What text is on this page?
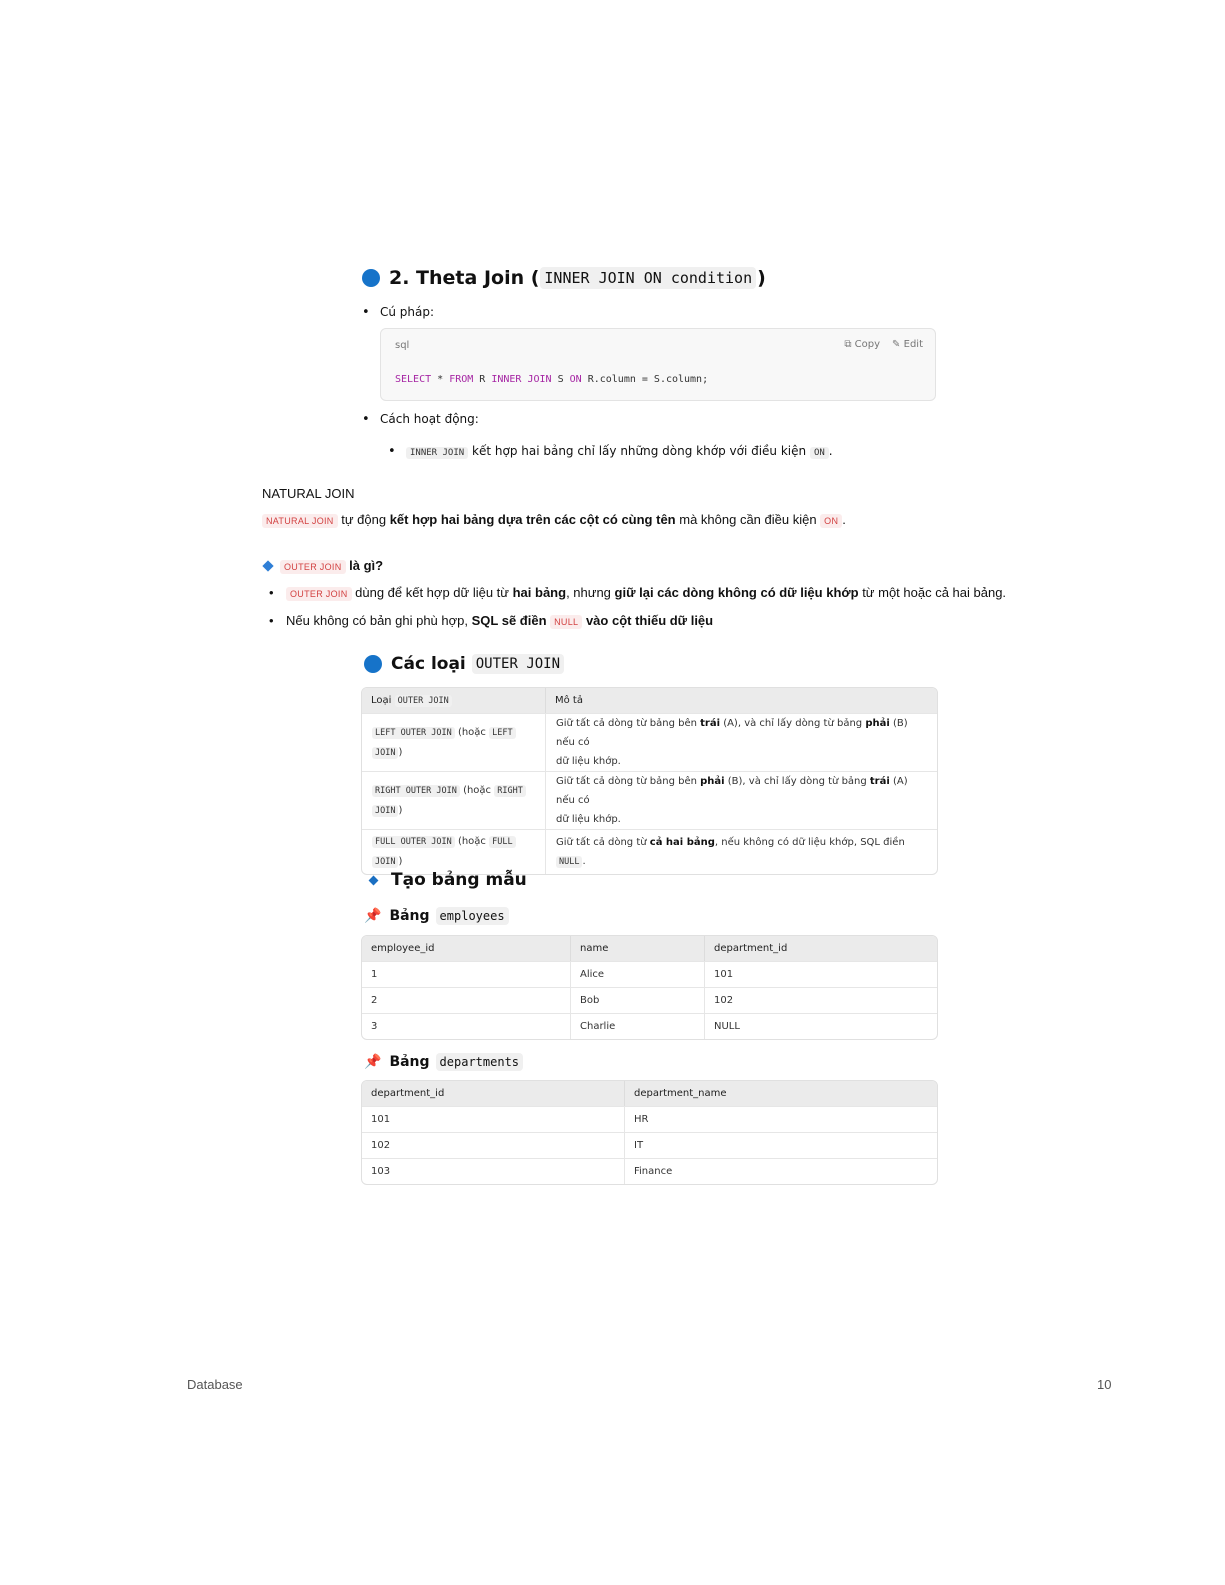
2. Theta Join ( INNER JOIN ON condition )
• Cú pháp:
sql	⧉ Copy ✎ Edit
SELECT * FROM R INNER JOIN S ON R.column = S.column;
• Cách hoạt động:
• INNER JOIN kết hợp hai bảng chỉ lấy những dòng khớp với điều kiện ON .
NATURAL JOIN
NATURAL JOIN tự động kết hợp hai bảng dựa trên các cột có cùng tên mà không cần điều kiện ON .
OUTER JOIN là gì?
• OUTER JOIN dùng để kết hợp dữ liệu từ hai bảng, nhưng giữ lại các dòng không có dữ liệu khớp từ một hoặc cả hai bảng.
• Nếu không có bản ghi phù hợp, SQL sẽ điền NULL vào cột thiếu dữ liệu
Các loại OUTER JOIN
Loại OUTER JOIN	Mô tả
LEFT OUTER JOIN (hoặc LEFT
JOIN )	Giữ tất cả dòng từ bảng bên trái (A), và chỉ lấy dòng từ bảng phải (B) nếu có
dữ liệu khớp.
RIGHT OUTER JOIN (hoặc RIGHT
JOIN )	Giữ tất cả dòng từ bảng bên phải (B), và chỉ lấy dòng từ bảng trái (A) nếu có
dữ liệu khớp.
FULL OUTER JOIN (hoặc FULL
JOIN )	Giữ tất cả dòng từ cả hai bảng, nếu không có dữ liệu khớp, SQL điền NULL .
Tạo bảng mẫu
📌 Bảng employees
employee_id	name	department_id
1	Alice	101
2	Bob	102
3	Charlie	NULL
📌 Bảng departments
department_id	department_name
101	HR
102	IT
103	Finance
Database	10
